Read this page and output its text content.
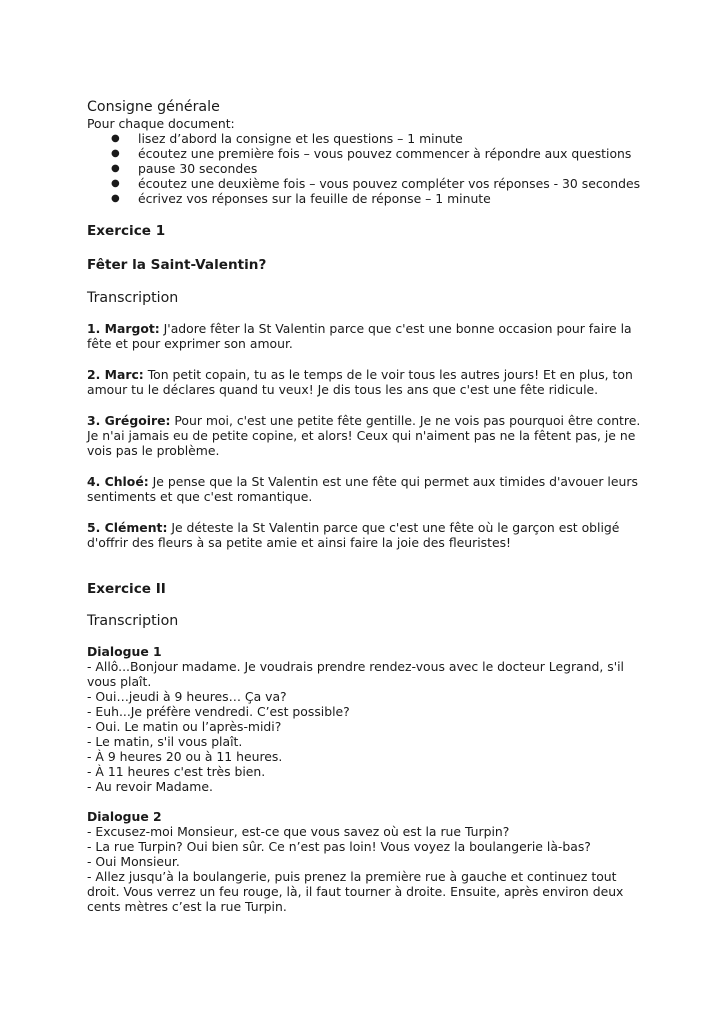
Consigne générale

Pour chaque document:

● lisez d’abord la consigne et les questions – 1 minute
● écoutez une première fois – vous pouvez commencer à répondre aux questions
● pause 30 secondes
● écoutez une deuxième fois – vous pouvez compléter vos réponses - 30 secondes
● écrivez vos réponses sur la feuille de réponse – 1 minute

Exercice 1

Fêter la Saint-Valentin?

Transcription

1. Margot: J'adore fêter la St Valentin parce que c'est une bonne occasion pour faire la fête et pour exprimer son amour.

2. Marc: Ton petit copain, tu as le temps de le voir tous les autres jours! Et en plus, ton amour tu le déclares quand tu veux! Je dis tous les ans que c'est une fête ridicule.

3. Grégoire: Pour moi, c'est une petite fête gentille. Je ne vois pas pourquoi être contre. Je n'ai jamais eu de petite copine, et alors! Ceux qui n'aiment pas ne la fêtent pas, je ne vois pas le problème.

4. Chloé: Je pense que la St Valentin est une fête qui permet aux timides d'avouer leurs sentiments et que c'est romantique.

5. Clément: Je déteste la St Valentin parce que c'est une fête où le garçon est obligé d'offrir des fleurs à sa petite amie et ainsi faire la joie des fleuristes!

Exercice II

Transcription

Dialogue 1

- Allô...Bonjour madame. Je voudrais prendre rendez-vous avec le docteur Legrand, s'il vous plaît.

- Oui…jeudi à 9 heures… Ça va?

- Euh...Je préfère vendredi. C’est possible?

- Oui. Le matin ou l’après-midi?

- Le matin, s'il vous plaît.

- À 9 heures 20 ou à 11 heures.

- À 11 heures c'est très bien.

- Au revoir Madame.

Dialogue 2

- Excusez-moi Monsieur, est-ce que vous savez où est la rue Turpin?

- La rue Turpin? Oui bien sûr. Ce n’est pas loin! Vous voyez la boulangerie là-bas?

- Oui Monsieur.

- Allez jusqu’à la boulangerie, puis prenez la première rue à gauche et continuez tout droit. Vous verrez un feu rouge, là, il faut tourner à droite. Ensuite, après environ deux cents mètres c’est la rue Turpin.
